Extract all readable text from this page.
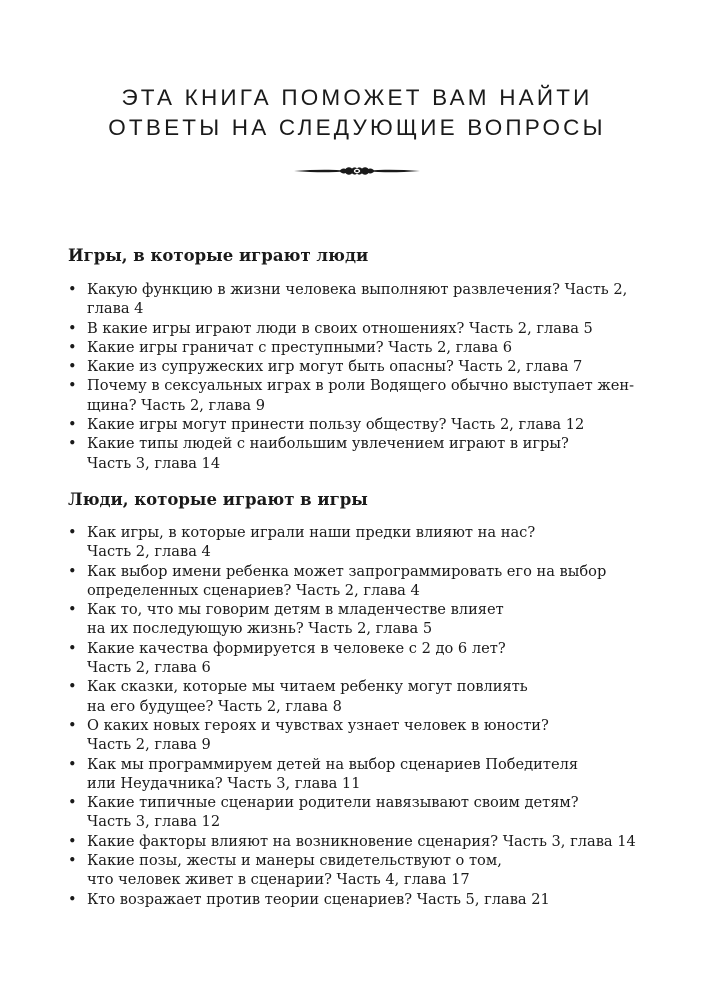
ЭТА КНИГА ПОМОЖЕТ ВАМ НАЙТИ
ОТВЕТЫ НА СЛЕДУЮЩИЕ ВОПРОСЫ
Игры, в которые играют люди
• Какую функцию в жизни человека выполняют развлечения? Часть 2,
глава 4
• В какие игры играют люди в своих отношениях? Часть 2, глава 5
• Какие игры граничат с преступными? Часть 2, глава 6
• Какие из супружеских игр могут быть опасны? Часть 2, глава 7
• Почему в сексуальных играх в роли Водящего обычно выступает жен-
щина? Часть 2, глава 9
• Какие игры могут принести пользу обществу? Часть 2, глава 12
• Какие типы людей с наибольшим увлечением играют в игры?
Часть 3, глава 14
Люди, которые играют в игры
• Как игры, в которые играли наши предки влияют на нас?
Часть 2, глава 4
• Как выбор имени ребенка может запрограммировать его на выбор
определенных сценариев? Часть 2, глава 4
• Как то, что мы говорим детям в младенчестве влияет
на их последующую жизнь? Часть 2, глава 5
• Какие качества формируется в человеке с 2 до 6 лет?
Часть 2, глава 6
• Как сказки, которые мы читаем ребенку могут повлиять
на его будущее? Часть 2, глава 8
• О каких новых героях и чувствах узнает человек в юности?
Часть 2, глава 9
• Как мы программируем детей на выбор сценариев Победителя
или Неудачника? Часть 3, глава 11
• Какие типичные сценарии родители навязывают своим детям?
Часть 3, глава 12
• Какие факторы влияют на возникновение сценария? Часть 3, глава 14
• Какие позы, жесты и манеры свидетельствуют о том,
что человек живет в сценарии? Часть 4, глава 17
• Кто возражает против теории сценариев? Часть 5, глава 21
